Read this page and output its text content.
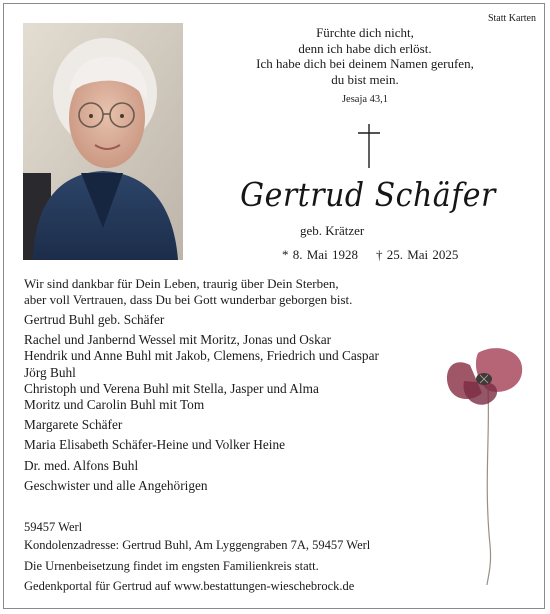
Statt Karten
Fürchte dich nicht,
denn ich habe dich erlöst.
Ich habe dich bei deinem Namen gerufen,
du bist mein.
Jesaja 43,1
Gertrud Schäfer
geb. Krätzer
* 8. Mai 1928 † 25. Mai 2025
Wir sind dankbar für Dein Leben, traurig über Dein Sterben,
aber voll Vertrauen, dass Du bei Gott wunderbar geborgen bist.
Gertrud Buhl geb. Schäfer
Rachel und Janbernd Wessel mit Moritz, Jonas und Oskar
Hendrik und Anne Buhl mit Jakob, Clemens, Friedrich und Caspar
Jörg Buhl
Christoph und Verena Buhl mit Stella, Jasper und Alma
Moritz und Carolin Buhl mit Tom
Margarete Schäfer
Maria Elisabeth Schäfer-Heine und Volker Heine
Dr. med. Alfons Buhl
Geschwister und alle Angehörigen
59457 Werl
Kondolenzadresse: Gertrud Buhl, Am Lyggengraben 7A, 59457 Werl
Die Urnenbeisetzung findet im engsten Familienkreis statt.
Gedenkportal für Gertrud auf www.bestattungen-wieschebrock.de
